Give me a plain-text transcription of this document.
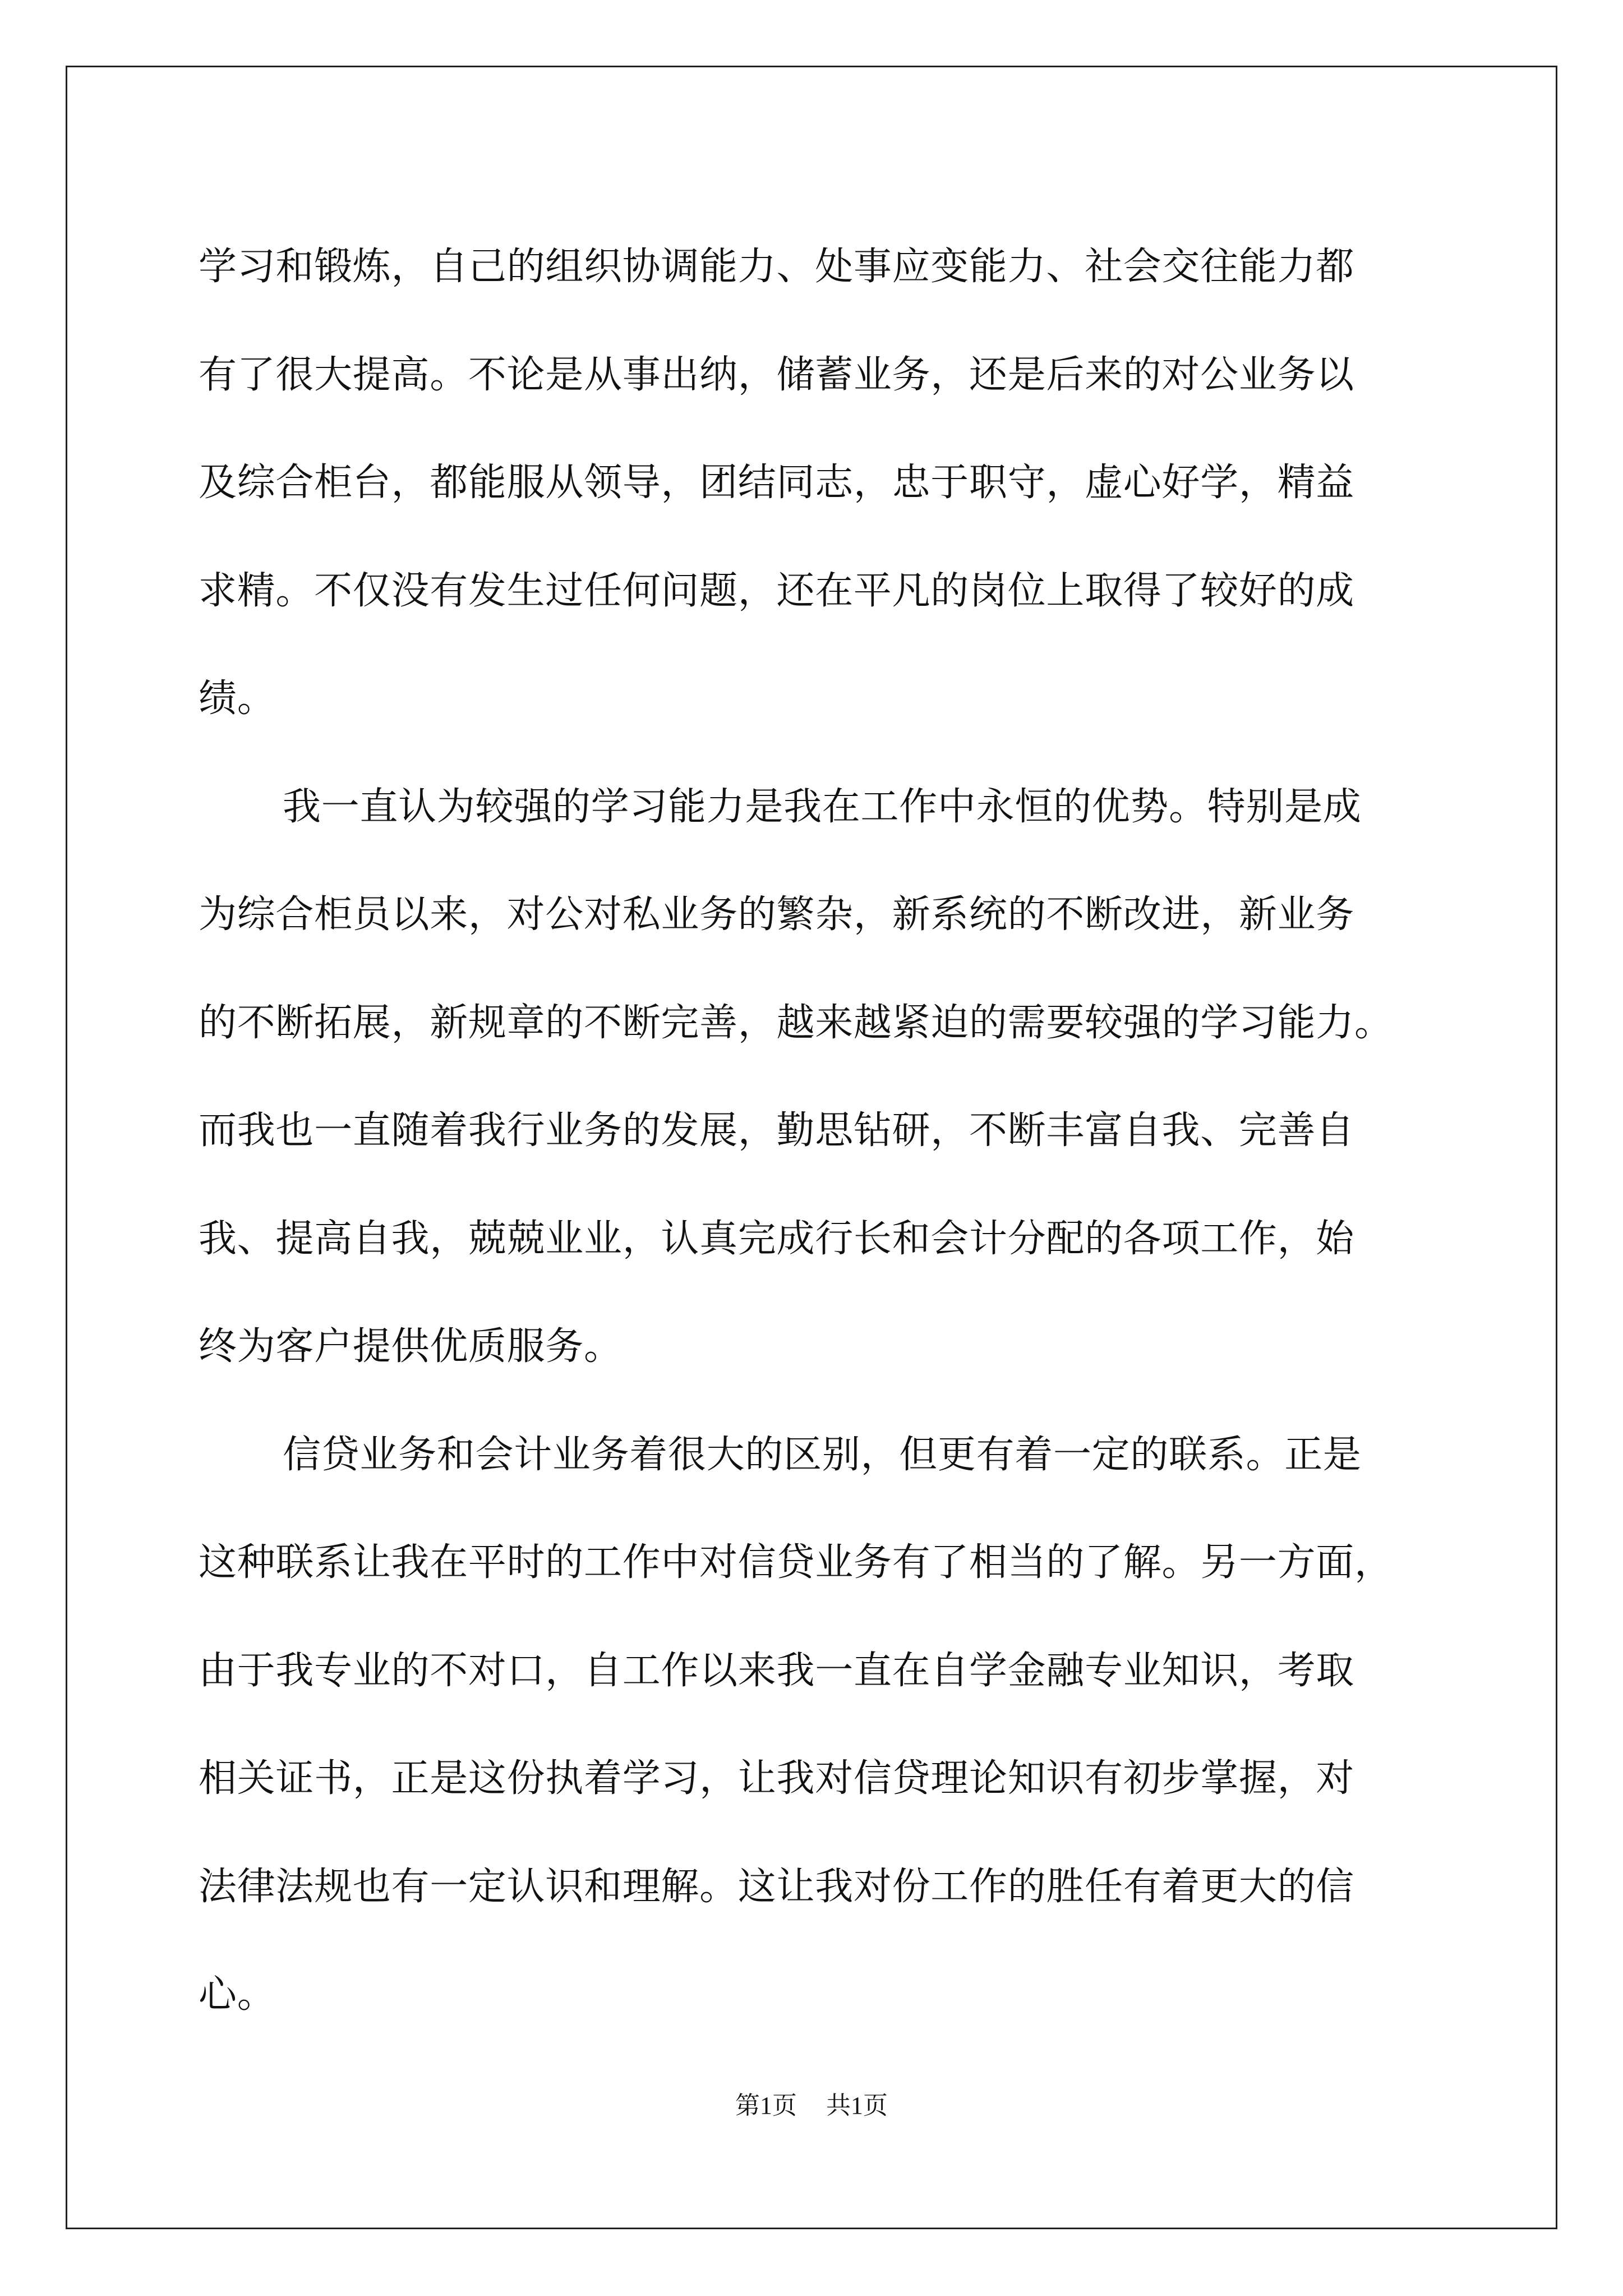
学习和锻炼，自己的组织协调能力、处事应变能力、社会交往能力都
有了很大提高。不论是从事出纳，储蓄业务，还是后来的对公业务以
及综合柜台，都能服从领导，团结同志，忠于职守，虚心好学，精益
求精。不仅没有发生过任何问题，还在平凡的岗位上取得了较好的成
绩。
我一直认为较强的学习能力是我在工作中永恒的优势。特别是成
为综合柜员以来，对公对私业务的繁杂，新系统的不断改进，新业务
的不断拓展，新规章的不断完善，越来越紧迫的需要较强的学习能力。
而我也一直随着我行业务的发展，勤思钻研，不断丰富自我、完善自
我、提高自我，兢兢业业，认真完成行长和会计分配的各项工作，始
终为客户提供优质服务。
信贷业务和会计业务着很大的区别，但更有着一定的联系。正是
这种联系让我在平时的工作中对信贷业务有了相当的了解。另一方面，
由于我专业的不对口，自工作以来我一直在自学金融专业知识，考取
相关证书，正是这份执着学习，让我对信贷理论知识有初步掌握，对
法律法规也有一定认识和理解。这让我对份工作的胜任有着更大的信
心。
第1页 共1页
